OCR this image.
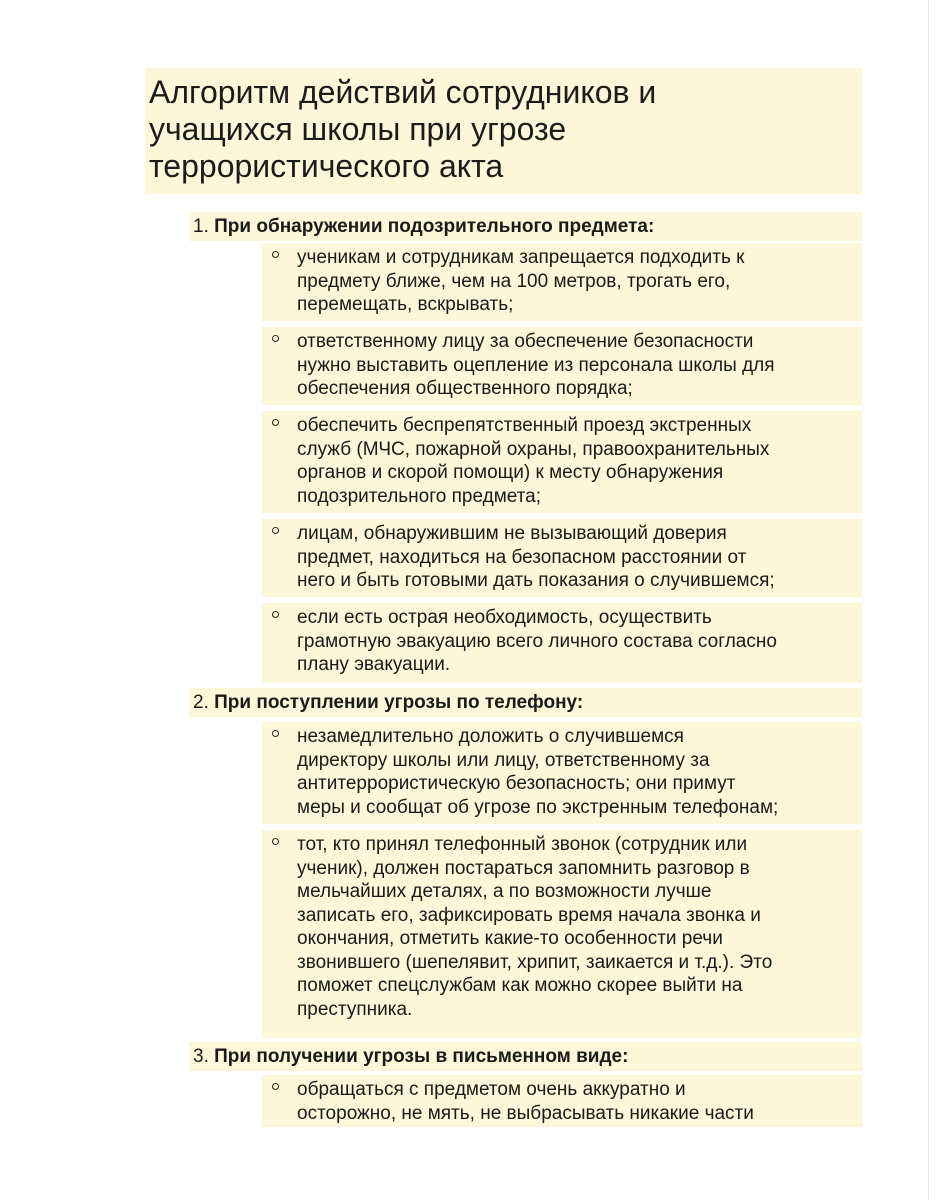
Алгоритм действий сотрудников и
учащихся школы при угрозе
террористического акта
1. При обнаружении подозрительного предмета:
ученикам и сотрудникам запрещается подходить к
предмету ближе, чем на 100 метров, трогать его,
перемещать, вскрывать;
ответственному лицу за обеспечение безопасности
нужно выставить оцепление из персонала школы для
обеспечения общественного порядка;
обеспечить беспрепятственный проезд экстренных
служб (МЧС, пожарной охраны, правоохранительных
органов и скорой помощи) к месту обнаружения
подозрительного предмета;
лицам, обнаружившим не вызывающий доверия
предмет, находиться на безопасном расстоянии от
него и быть готовыми дать показания о случившемся;
если есть острая необходимость, осуществить
грамотную эвакуацию всего личного состава согласно
плану эвакуации.
2. При поступлении угрозы по телефону:
незамедлительно доложить о случившемся
директору школы или лицу, ответственному за
антитеррористическую безопасность; они примут
меры и сообщат об угрозе по экстренным телефонам;
тот, кто принял телефонный звонок (сотрудник или
ученик), должен постараться запомнить разговор в
мельчайших деталях, а по возможности лучше
записать его, зафиксировать время начала звонка и
окончания, отметить какие-то особенности речи
звонившего (шепелявит, хрипит, заикается и т.д.). Это
поможет спецслужбам как можно скорее выйти на
преступника.
3. При получении угрозы в письменном виде:
обращаться с предметом очень аккуратно и
осторожно, не мять, не выбрасывать никакие части
